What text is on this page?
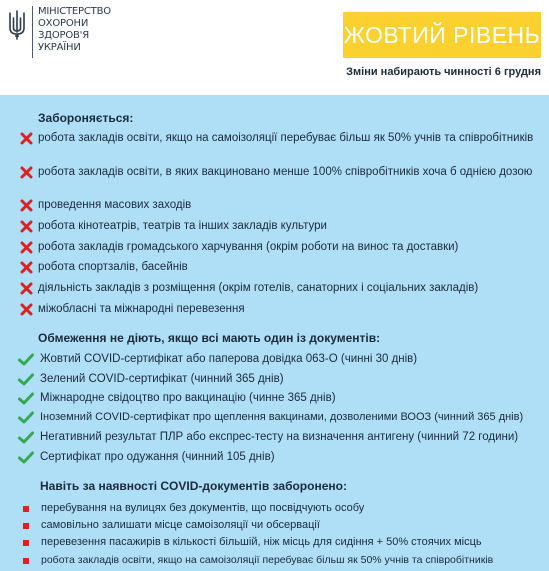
МІНІСТЕРСТВО
ОХОРОНИ
ЗДОРОВ'Я
УКРАЇНИ	ЖОВТИЙ РІВЕНЬ
Зміни набирають чинності 6 грудня
Забороняється:
робота закладів освіти, якщо на самоізоляції перебуває більш як 50% учнів та співробітників
робота закладів освіти, в яких вакциновано менше 100% співробітників хоча б однією дозою
проведення масових заходів
робота кінотеатрів, театрів та інших закладів культури
робота закладів громадського харчування (окрім роботи на винос та доставки)
робота спортзалів, басейнів
діяльність закладів з розміщення (окрім готелів, санаторних і соціальних закладів)
міжобласні та міжнародні перевезення
Обмеження не діють, якщо всі мають один із документів:
Жовтий COVID-сертифікат або паперова довідка 063-О (чинні 30 днів)
Зелений COVID-сертифікат (чинний 365 днів)
Міжнародне свідоцтво про вакцинацію (чинне 365 днів)
Іноземний COVID-сертифікат про щеплення вакцинами, дозволеними ВООЗ (чинний 365 днів)
Негативний результат ПЛР або експрес-тесту на визначення антигену (чинний 72 години)
Сертифікат про одужання (чинний 105 днів)
Навіть за наявності COVID-документів заборонено:
перебування на вулицях без документів, що посвідчують особу
самовільно залишати місце самоізоляції чи обсервації
перевезення пасажирів в кількості більшій, ніж місць для сидіння + 50% стоячих місць
робота закладів освіти, якщо на самоізоляції перебуває більш як 50% учнів та співробітників
